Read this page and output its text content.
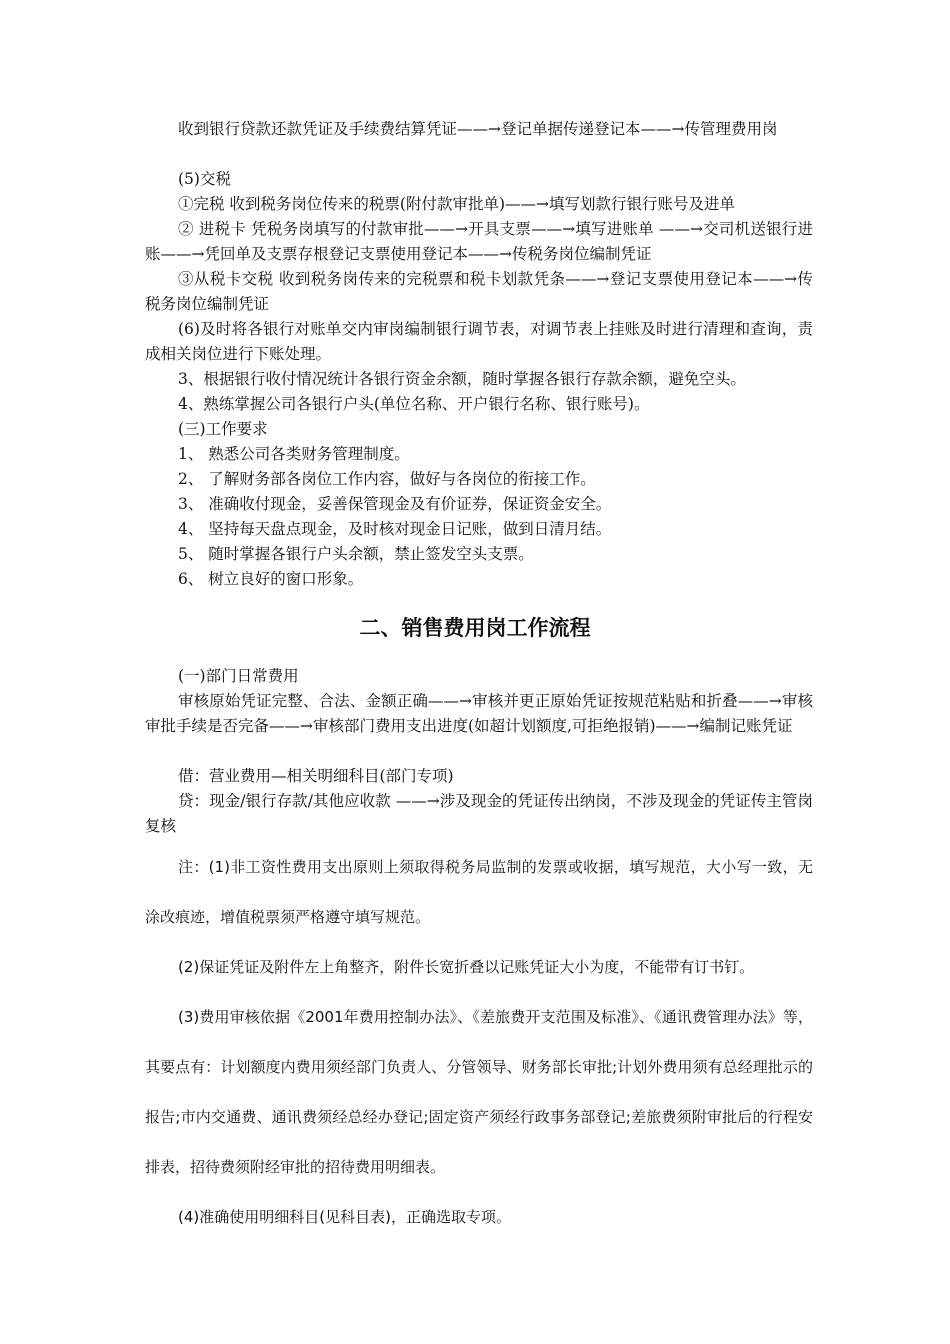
收到银行贷款还款凭证及手续费结算凭证——→登记单据传递登记本——→传管理费用岗

(5)交税

①完税 收到税务岗位传来的税票(附付款审批单)——→填写划款行银行账号及进单

② 进税卡 凭税务岗填写的付款审批——→开具支票——→填写进账单 ——→交司机送银行进账——→凭回单及支票存根登记支票使用登记本——→传税务岗位编制凭证

③从税卡交税 收到税务岗传来的完税票和税卡划款凭条——→登记支票使用登记本——→传税务岗位编制凭证

(6)及时将各银行对账单交内审岗编制银行调节表，对调节表上挂账及时进行清理和查询，责成相关岗位进行下账处理。

3、根据银行收付情况统计各银行资金余额，随时掌握各银行存款余额，避免空头。

4、熟练掌握公司各银行户头(单位名称、开户银行名称、银行账号)。

(三)工作要求

1、 熟悉公司各类财务管理制度。

2、 了解财务部各岗位工作内容，做好与各岗位的衔接工作。

3、 准确收付现金，妥善保管现金及有价证券，保证资金安全。

4、 坚持每天盘点现金，及时核对现金日记账，做到日清月结。

5、 随时掌握各银行户头余额，禁止签发空头支票。

6、 树立良好的窗口形象。

二、销售费用岗工作流程

(一)部门日常费用

审核原始凭证完整、合法、金额正确——→审核并更正原始凭证按规范粘贴和折叠——→审核审批手续是否完备——→审核部门费用支出进度(如超计划额度,可拒绝报销)——→编制记账凭证

借：营业费用—相关明细科目(部门专项)

贷：现金/银行存款/其他应收款 ——→涉及现金的凭证传出纳岗，不涉及现金的凭证传主管岗复核

注：(1)非工资性费用支出原则上须取得税务局监制的发票或收据，填写规范，大小写一致，无涂改痕迹，增值税票须严格遵守填写规范。

(2)保证凭证及附件左上角整齐，附件长宽折叠以记账凭证大小为度，不能带有订书钉。

(3)费用审核依据《2001年费用控制办法》、《差旅费开支范围及标准》、《通讯费管理办法》等，其要点有：计划额度内费用须经部门负责人、分管领导、财务部长审批;计划外费用须有总经理批示的报告;市内交通费、通讯费须经总经办登记;固定资产须经行政事务部登记;差旅费须附审批后的行程安排表，招待费须附经审批的招待费用明细表。

(4)准确使用明细科目(见科目表)，正确选取专项。
